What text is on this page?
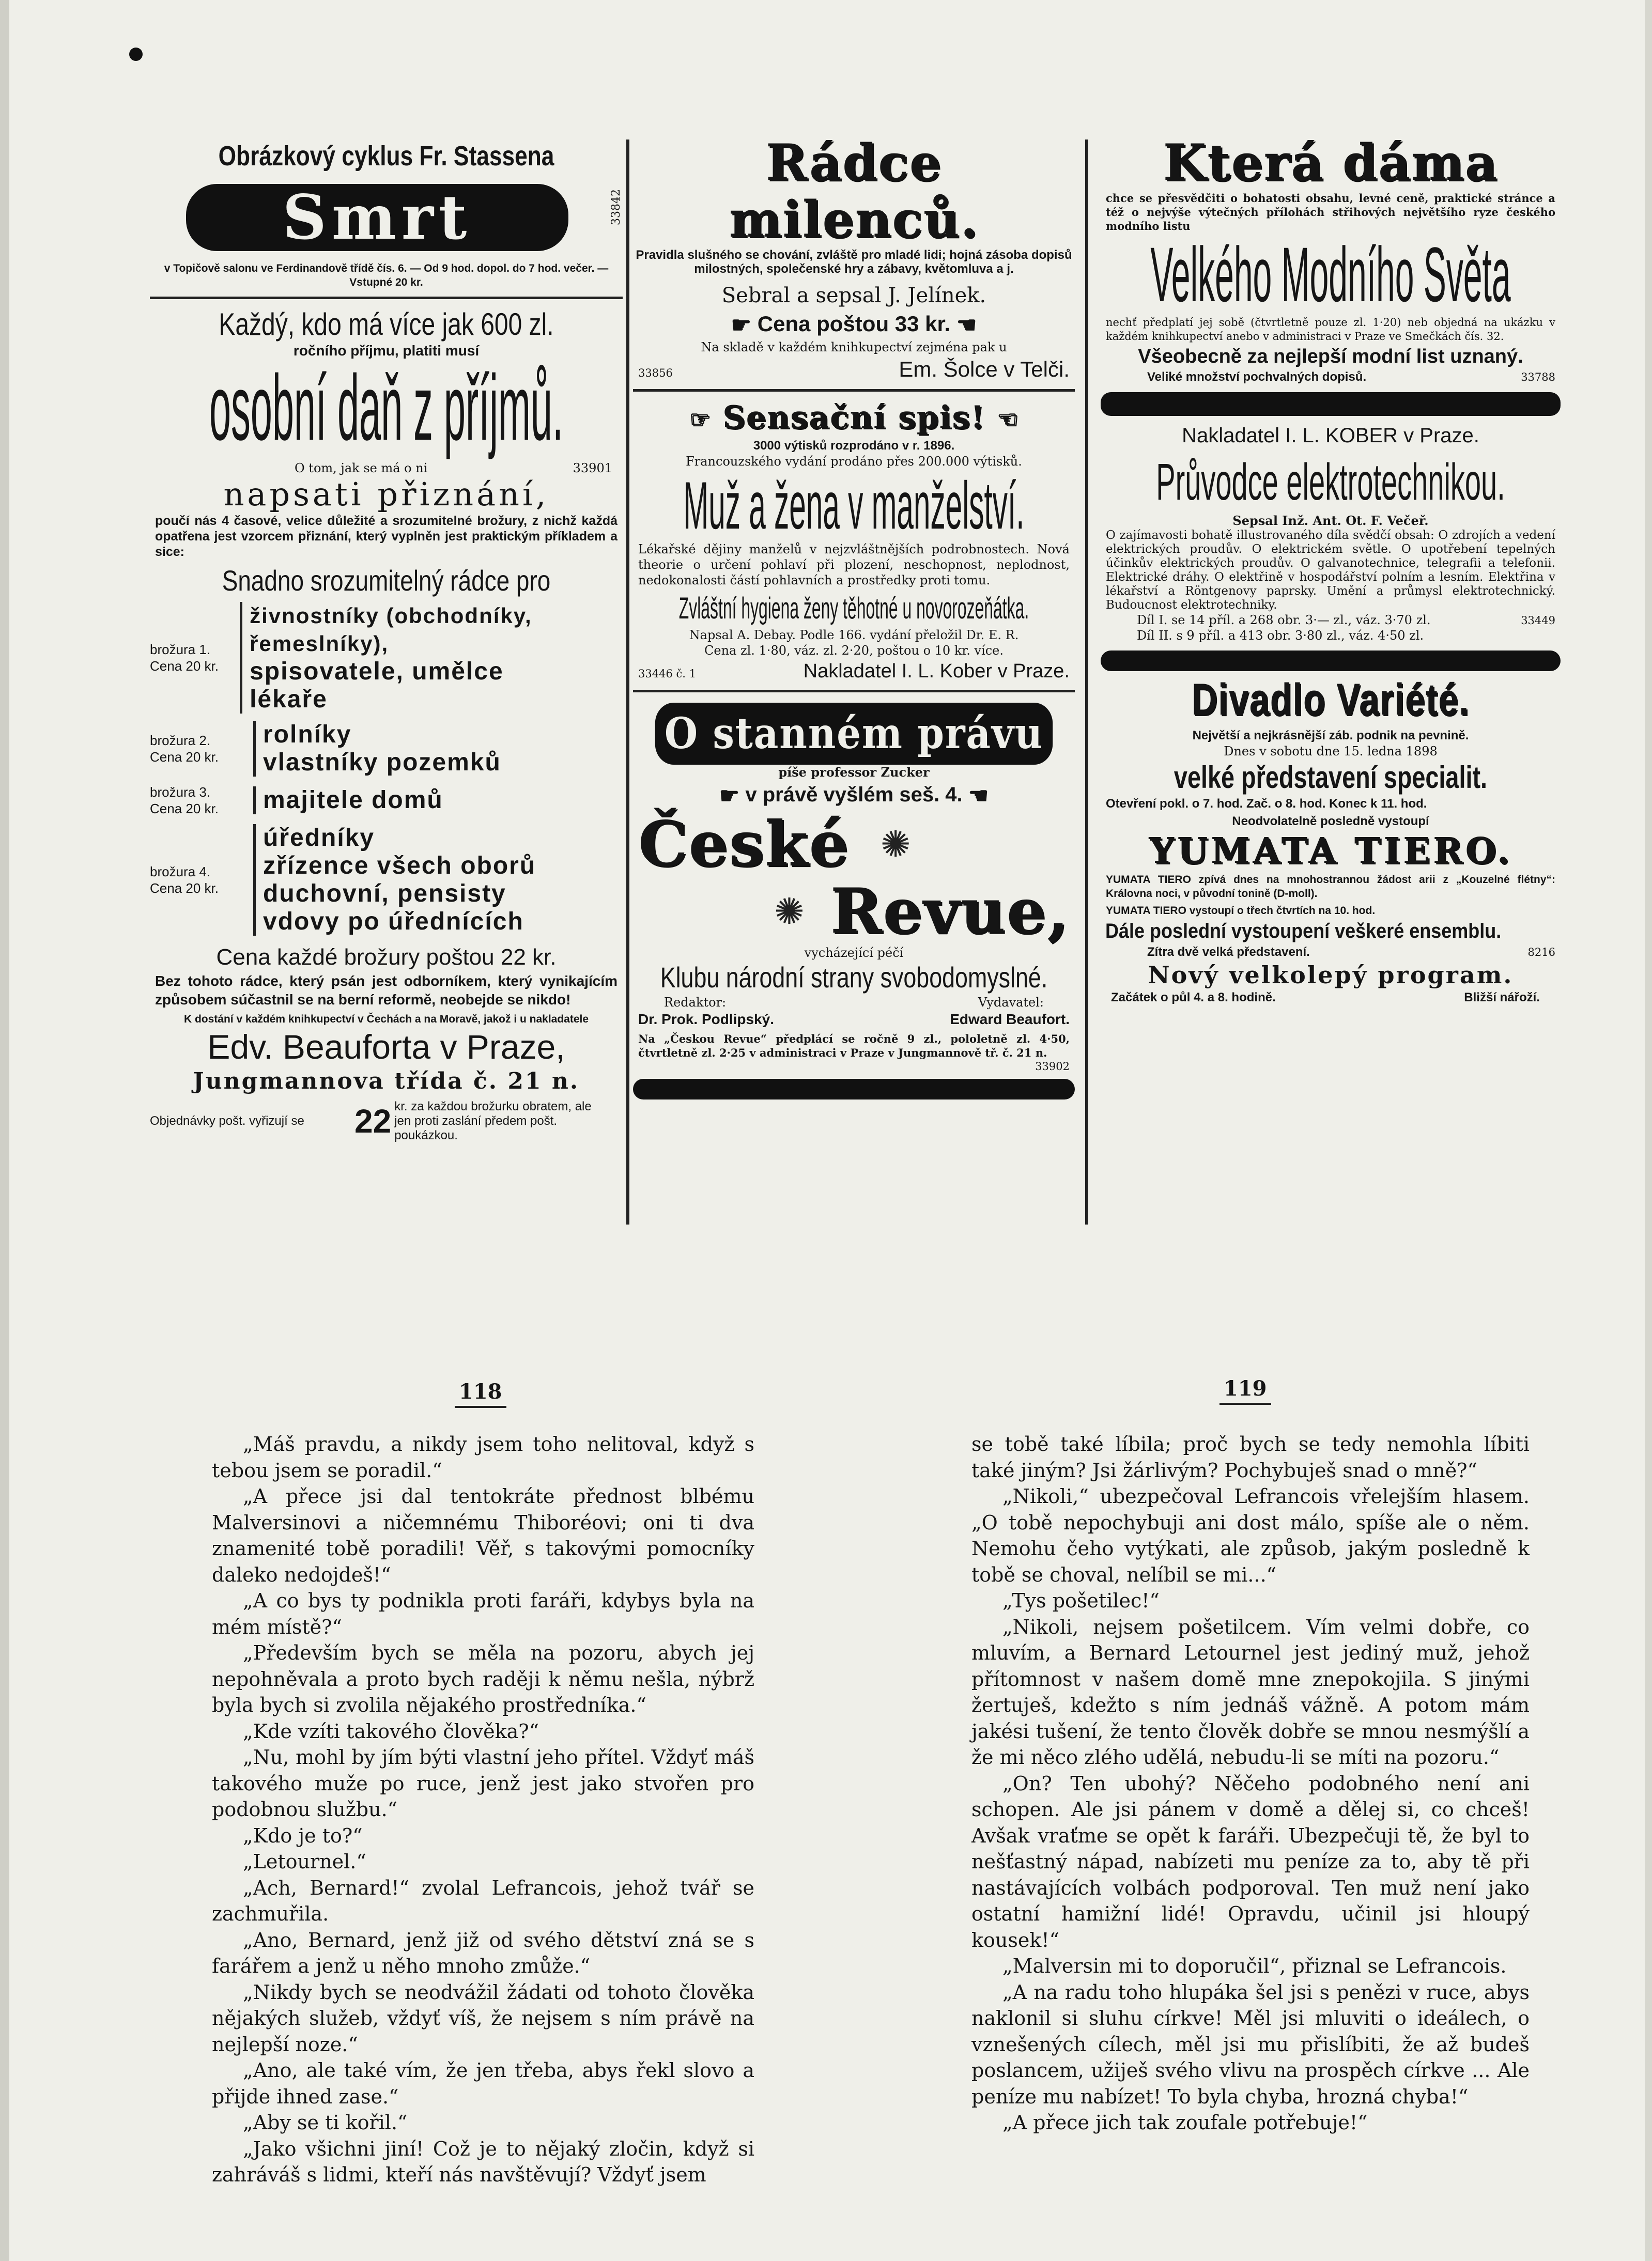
Obrázkový cyklus Fr. Stassena
Smrt	33842
v Topičově salonu ve Ferdinandově třídě čís. 6. — Od 9 hod. dopol. do 7 hod. večer. — Vstupné 20 kr.
Každý, kdo má více jak 600 zl.
ročního příjmu, platiti musí
osobní daň z příjmů.
O tom, jak se má o ni	33901
napsati přiznání,
poučí nás 4 časové, velice důležité a srozumitelné brožury, z nichž každá opatřena jest vzorcem přiznání, který vyplněn jest praktickým příkladem a sice:
Snadno srozumitelný rádce pro
brožura 1.
Cena 20 kr.
živnostníky (obchodníky, řemeslníky),
spisovatele, umělce
lékaře
brožura 2.
Cena 20 kr.
rolníky
vlastníky pozemků
brožura 3.
Cena 20 kr.	majitele domů
brožura 4.
Cena 20 kr.
úředníky
zřízence všech oborů
duchovní, pensisty
vdovy po úřednících
Cena každé brožury poštou 22 kr.
Bez tohoto rádce, který psán jest odborníkem, který vynikajícím způsobem súčastnil se na berní reformě, neobejde se nikdo!
K dostání v každém knihkupectví v Čechách a na Moravě, jakož i u nakladatele
Edv. Beauforta v Praze,
Jungmannova třída č. 21 n.
Objednávky pošt. vyřizují se	22 kr. za každou brožurku obratem, ale jen proti zaslání předem pošt. poukázkou.
Rádce milenců.
Pravidla slušného se chování, zvláště pro mladé lidi; hojná zásoba dopisů milostných, společenské hry a zábavy, květomluva a j.
Sebral a sepsal J. Jelínek.
☛ Cena poštou 33 kr. ☚
Na skladě v každém knihkupectví zejména pak u
33856	Em. Šolce v Telči.
☞ Sensační spis! ☜
3000 výtisků rozprodáno v r. 1896.
Francouzského vydání prodáno přes 200.000 výtisků.
Muž a žena v manželství.
Lékařské dějiny manželů v nejzvláštnějších podrobnostech. Nová theorie o určení pohlaví při plození, neschopnost, neplodnost, nedokonalosti částí pohlavních a prostředky proti tomu.
Zvláštní hygiena ženy těhotné u novorozeňátka.
Napsal A. Debay. Podle 166. vydání přeložil Dr. E. R.
Cena zl. 1·80, váz. zl. 2·20, poštou o 10 kr. více.
33446 č. 1	Nakladatel I. L. Kober v Praze.
O stanném právu
píše professor Zucker
☛ v právě vyšlém seš. 4. ☚
České ✺
✺ Revue,
vycházející péčí
Klubu národní strany svobodomyslné.
Redaktor:	Vydavatel:
Dr. Prok. Podlipský.	Edward Beaufort.
Na „Českou Revue“ předplácí se ročně 9 zl., pololetně zl. 4·50, čtvrtletně zl. 2·25 v administraci v Praze v Jungmannově tř. č. 21 n.
33902
Která dáma
chce se přesvědčiti o bohatosti obsahu, levné ceně, praktické stránce a též o nejvýše výtečných přílohách střihových největšího ryze českého modního listu
Velkého Modního Světa
nechť předplatí jej sobě (čtvrtletně pouze zl. 1·20) neb objedná na ukázku v každém knihkupectví anebo v administraci v Praze ve Smečkách čís. 32.
Všeobecně za nejlepší modní list uznaný.
Veliké množství pochvalných dopisů.	33788
Nakladatel I. L. KOBER v Praze.
Průvodce elektrotechnikou.
Sepsal Inž. Ant. Ot. F. Večeř.
O zajímavosti bohatě illustrovaného díla svědčí obsah: O zdrojích a vedení elektrických proudův. O elektrickém světle. O upotřebení tepelných účinkův elektrických proudův. O galvanotechnice, telegrafii a telefonii. Elektrické dráhy. O elektřině v hospodářství polním a lesním. Elektřina v lékařství a Röntgenovy paprsky. Umění a průmysl elektrotechnický. Budoucnost elektrotechniky.
Díl I. se 14 příl. a 268 obr. 3·— zl., váz. 3·70 zl.	33449
Díl II. s 9 příl. a 413 obr. 3·80 zl., váz. 4·50 zl.
Divadlo Variété.
Největší a nejkrásnější záb. podnik na pevnině.
Dnes v sobotu dne 15. ledna 1898
velké představení specialit.
Otevření pokl. o 7. hod. Zač. o 8. hod. Konec k 11. hod.
Neodvolatelně posledně vystoupí
YUMATA TIERO.
YUMATA TIERO zpívá dnes na mnohostrannou žádost arii z „Kouzelné flétny“: Královna noci, v původní tonině (D-moll).
YUMATA TIERO vystoupí o třech čtvrtích na 10. hod.
Dále poslední vystoupení veškeré ensemblu.
Zítra dvě velká představení.	8216
Nový velkolepý program.
Začátek o půl 4. a 8. hodině.	Bližší nářoží.
118	119

„Máš pravdu, a nikdy jsem toho nelitoval, když s tebou jsem se poradil.“

„A přece jsi dal tentokráte přednost blbému Malversinovi a ničemnému Thiboréovi; oni ti dva znamenité tobě poradili! Věř, s takovými pomocníky daleko nedojdeš!“

„A co bys ty podnikla proti faráři, kdybys byla na mém místě?“

„Především bych se měla na pozoru, abych jej nepohněvala a proto bych raději k němu nešla, nýbrž byla bych si zvolila nějakého prostředníka.“

„Kde vzíti takového člověka?“

„Nu, mohl by jím býti vlastní jeho přítel. Vždyť máš takového muže po ruce, jenž jest jako stvořen pro podobnou službu.“

„Kdo je to?“

„Letournel.“

„Ach, Bernard!“ zvolal Lefrancois, jehož tvář se zachmuřila.

„Ano, Bernard, jenž již od svého dětství zná se s farářem a jenž u něho mnoho zmůže.“

„Nikdy bych se neodvážil žádati od tohoto člověka nějakých služeb, vždyť víš, že nejsem s ním právě na nejlepší noze.“

„Ano, ale také vím, že jen třeba, abys řekl slovo a přijde ihned zase.“

„Aby se ti kořil.“

„Jako všichni jiní! Což je to nějaký zločin, když si zahráváš s lidmi, kteří nás navštěvují? Vždyť jsem

se tobě také líbila; proč bych se tedy nemohla líbiti také jiným? Jsi žárlivým? Pochybuješ snad o mně?“

„Nikoli,“ ubezpečoval Lefrancois vřelejším hlasem. „O tobě nepochybuji ani dost málo, spíše ale o něm. Nemohu čeho vytýkati, ale způsob, jakým posledně k tobě se choval, nelíbil se mi...“

„Tys pošetilec!“

„Nikoli, nejsem pošetilcem. Vím velmi dobře, co mluvím, a Bernard Letournel jest jediný muž, jehož přítomnost v našem domě mne znepokojila. S jinými žertuješ, kdežto s ním jednáš vážně. A potom mám jakési tušení, že tento člověk dobře se mnou nesmýšlí a že mi něco zlého udělá, nebudu-li se míti na pozoru.“

„On? Ten ubohý? Něčeho podobného není ani schopen. Ale jsi pánem v domě a dělej si, co chceš! Avšak vraťme se opět k faráři. Ubezpečuji tě, že byl to nešťastný nápad, nabízeti mu peníze za to, aby tě při nastávajících volbách podporoval. Ten muž není jako ostatní hamižní lidé! Opravdu, učinil jsi hloupý kousek!“

„Malversin mi to doporučil“, přiznal se Lefrancois.

„A na radu toho hlupáka šel jsi s penězi v ruce, abys naklonil si sluhu církve! Měl jsi mluviti o ideálech, o vznešených cílech, měl jsi mu přislíbiti, že až budeš poslancem, užiješ svého vlivu na prospěch církve ... Ale peníze mu nabízet! To byla chyba, hrozná chyba!“

„A přece jich tak zoufale potřebuje!“
